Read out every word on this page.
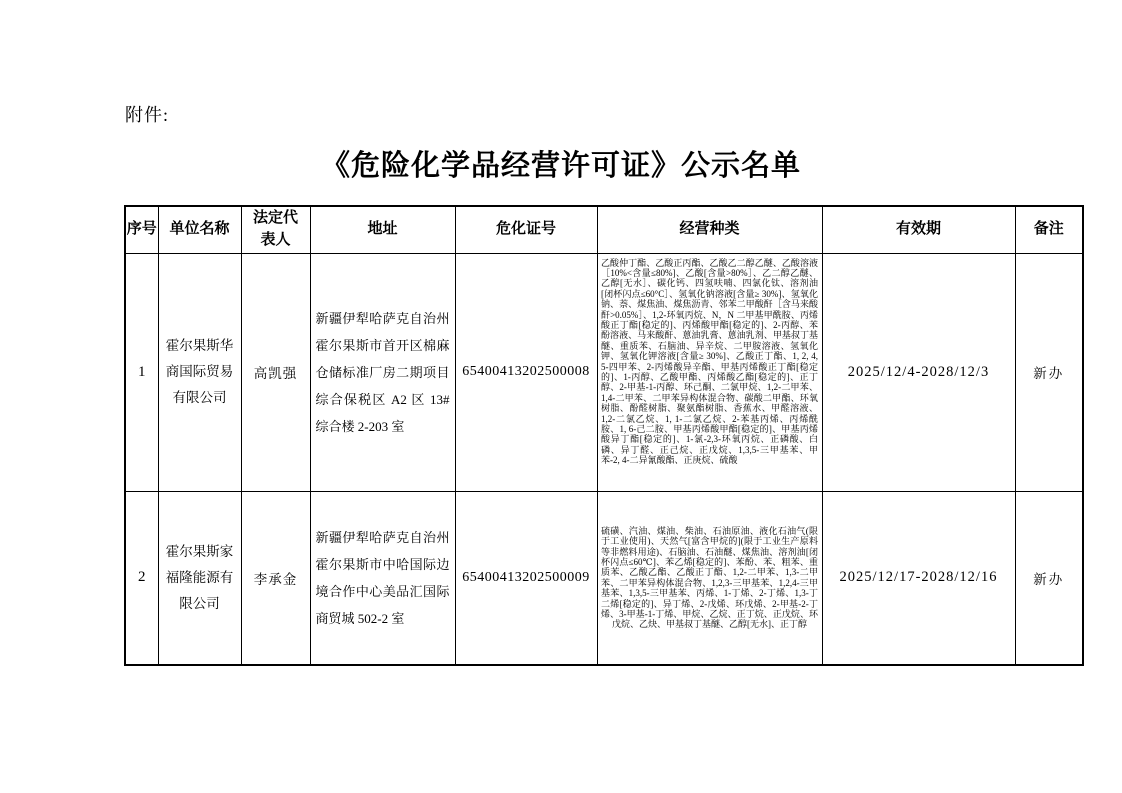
附件:
《危险化学品经营许可证》公示名单
序号	单位名称	法定代表人	地址	危化证号	经营种类	有效期	备注
1	霍尔果斯华商国际贸易有限公司	高凯强	新疆伊犁哈萨克自治州霍尔果斯市首开区棉麻仓储标准厂房二期项目综合保税区 A2 区 13#综合楼 2-203 室	65400413202500008	乙酸仲丁酯、乙酸正丙酯、乙酸乙二醇乙醚、乙酸溶液［10%<含量≤80%]、乙酸[含量>80%］、乙二醇乙醚、乙醇[无水］、碳化钙、四氢呋喃、四氯化钛、溶剂油[闭杯闪点≤60°C］、氢氧化钠溶液[含量≥ 30%]、氢氧化钠、萘、煤焦油、煤焦沥青、邻苯二甲酸酐［含马来酸酐>0.05%］、1,2-环氧丙烷、N，N 二甲基甲酰胺、丙烯酸正丁酯[稳定的]、丙烯酸甲酯[稳定的]、2-丙醇、苯酚溶液、马来酸酐、蒽油乳膏、蒽油乳剂、甲基叔丁基醚、重质苯、石脑油、异辛烷、二甲胺溶液、氢氧化钾、氢氧化钾溶液[含量≥ 30%]、乙酸正丁酯、1, 2, 4, 5-四甲苯、2-丙烯酸异辛酯、甲基丙烯酸正丁酯[稳定的]、1-丙醇、乙酸甲酯、丙烯酸乙酯[稳定的]、正丁醇、2-甲基-1-丙醇、环己酮、二氯甲烷、1,2-二甲苯、1,4-二甲苯、二甲苯异构体混合物、碳酸二甲酯、环氧树脂、酚醛树脂、聚氨酯树脂、香蕉水、甲醛溶液、1,2-二氯乙烷、1, 1-二氯乙烷、2-苯基丙烯、丙烯酰胺、1, 6-己二胺、甲基丙烯酸甲酯[稳定的]、甲基丙烯酸异丁酯[稳定的]、1-氯-2,3-环氧丙烷、正磷酸、白磷、异丁醛、正己烷、正戊烷、1,3,5-三甲基苯、甲苯-2, 4-二异氰酸酯、正庚烷、硫酸	2025/12/4-2028/12/3	新办
2	霍尔果斯家福隆能源有限公司	李承金	新疆伊犁哈萨克自治州霍尔果斯市中哈国际边境合作中心美品汇国际商贸城 502-2 室	65400413202500009	硫磺、汽油、煤油、柴油、石油原油、液化石油气(限于工业使用)、天然气[富含甲烷的](限于工业生产原料等非燃料用途)、石脑油、石油醚、煤焦油、溶剂油[闭杯闪点≤60℃]、苯乙烯[稳定的]、苯酚、苯、粗苯、重质苯、乙酸乙酯、乙酸正丁酯、1,2-二甲苯、1,3-二甲苯、二甲苯异构体混合物、1,2,3-三甲基苯、1,2,4-三甲基苯、1,3,5-三甲基苯、丙烯、1-丁烯、2-丁烯、1,3-丁二烯[稳定的]、异丁烯、2-戊烯、环戊烯、2-甲基-2-丁烯、3-甲基-1-丁烯、甲烷、乙烷、正丁烷、正戊烷、环戊烷、乙炔、甲基叔丁基醚、乙醇[无水]、正丁醇	2025/12/17-2028/12/16	新办
